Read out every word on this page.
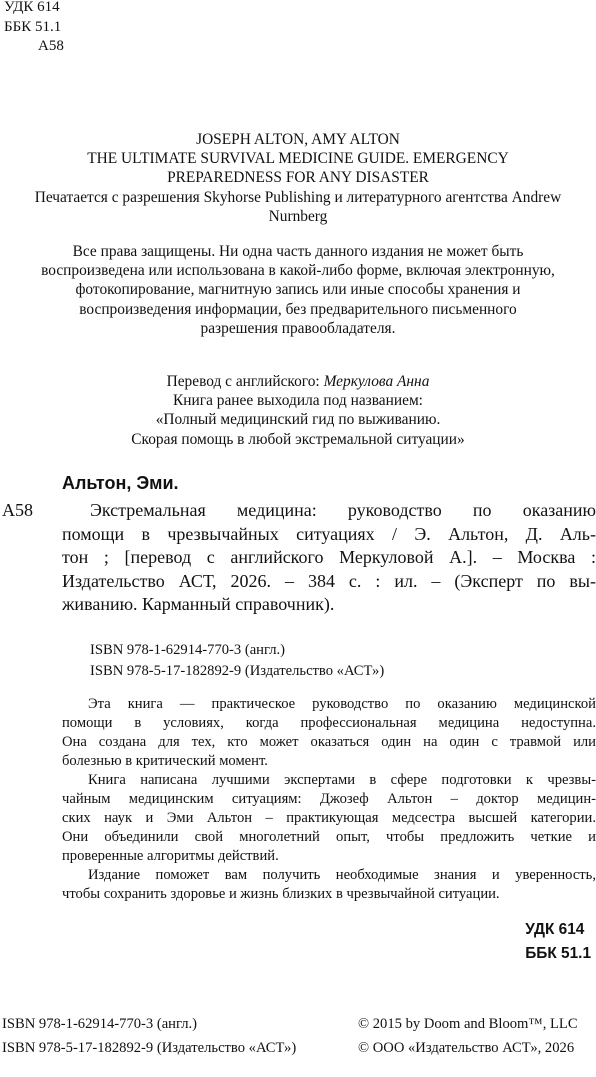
УДК 614
ББК 51.1
А58
JOSEPH ALTON, AMY ALTON
THE ULTIMATE SURVIVAL MEDICINE GUIDE. EMERGENCY
PREPAREDNESS FOR ANY DISASTER
Печатается с разрешения Skyhorse Publishing и литературного агентства Andrew
Nurnberg
Все права защищены. Ни одна часть данного издания не может быть
воспроизведена или использована в какой-либо форме, включая электронную,
фотокопирование, магнитную запись или иные способы хранения и
воспроизведения информации, без предварительного письменного
разрешения правообладателя.
Перевод с английского: Меркулова Анна
Книга ранее выходила под названием:
«Полный медицинский гид по выживанию.
Скорая помощь в любой экстремальной ситуации»
Альтон, Эми.
А58	Экстремальная медицина: руководство по оказанию
помощи в чрезвычайных ситуациях / Э. Альтон, Д. Аль-
тон ; [перевод с английского Меркуловой А.]. – Москва :
Издательство АСТ, 2026. – 384 с. : ил. – (Эксперт по вы-
живанию. Карманный справочник).
ISBN 978-1-62914-770-3 (англ.)
ISBN 978-5-17-182892-9 (Издательство «АСТ»)
Эта книга — практическое руководство по оказанию медицинской
помощи в условиях, когда профессиональная медицина недоступна.
Она создана для тех, кто может оказаться один на один с травмой или
болезнью в критический момент.
Книга написана лучшими экспертами в сфере подготовки к чрезвы-
чайным медицинским ситуациям: Джозеф Альтон – доктор медицин-
ских наук и Эми Альтон – практикующая медсестра высшей категории.
Они объединили свой многолетний опыт, чтобы предложить четкие и
проверенные алгоритмы действий.
Издание поможет вам получить необходимые знания и уверенность,
чтобы сохранить здоровье и жизнь близких в чрезвычайной ситуации.
УДК 614
ББК 51.1
ISBN 978-1-62914-770-3 (англ.)
ISBN 978-5-17-182892-9 (Издательство «АСТ»)
© 2015 by Doom and Bloom™, LLC
© ООО «Издательство АСТ», 2026
